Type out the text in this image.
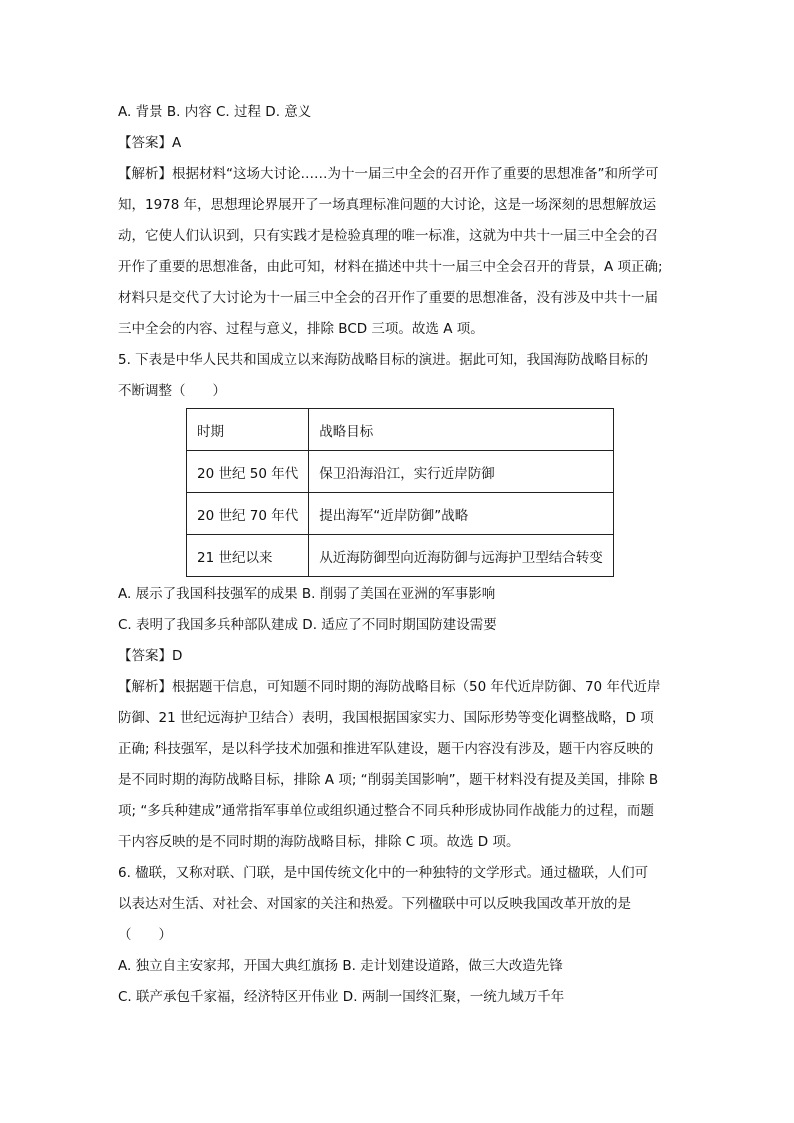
A. 背景 B. 内容 C. 过程 D. 意义
【答案】A
【解析】根据材料“这场大讨论……为十一届三中全会的召开作了重要的思想准备”和所学可
知，1978 年，思想理论界展开了一场真理标准问题的大讨论，这是一场深刻的思想解放运
动，它使人们认识到，只有实践才是检验真理的唯一标准，这就为中共十一届三中全会的召
开作了重要的思想准备，由此可知，材料在描述中共十一届三中全会召开的背景，A 项正确;
材料只是交代了大讨论为十一届三中全会的召开作了重要的思想准备，没有涉及中共十一届
三中全会的内容、过程与意义，排除 BCD 三项。故选 A 项。
5. 下表是中华人民共和国成立以来海防战略目标的演进。据此可知，我国海防战略目标的
不断调整（　　）
时期	战略目标
20 世纪 50 年代	保卫沿海沿江，实行近岸防御
20 世纪 70 年代	提出海军“近岸防御”战略
21 世纪以来	从近海防御型向近海防御与远海护卫型结合转变
A. 展示了我国科技强军的成果 B. 削弱了美国在亚洲的军事影响
C. 表明了我国多兵种部队建成 D. 适应了不同时期国防建设需要
【答案】D
【解析】根据题干信息，可知题不同时期的海防战略目标（50 年代近岸防御、70 年代近岸
防御、21 世纪远海护卫结合）表明，我国根据国家实力、国际形势等变化调整战略，D 项
正确; 科技强军，是以科学技术加强和推进军队建设，题干内容没有涉及，题干内容反映的
是不同时期的海防战略目标，排除 A 项; “削弱美国影响”，题干材料没有提及美国，排除 B
项; “多兵种建成”通常指军事单位或组织通过整合不同兵种形成协同作战能力的过程，而题
干内容反映的是不同时期的海防战略目标，排除 C 项。故选 D 项。
6. 楹联，又称对联、门联，是中国传统文化中的一种独特的文学形式。通过楹联，人们可
以表达对生活、对社会、对国家的关注和热爱。下列楹联中可以反映我国改革开放的是
（　　）
A. 独立自主安家邦，开国大典红旗扬 B. 走计划建设道路，做三大改造先锋
C. 联产承包千家福，经济特区开伟业 D. 两制一国终汇聚，一统九域万千年
